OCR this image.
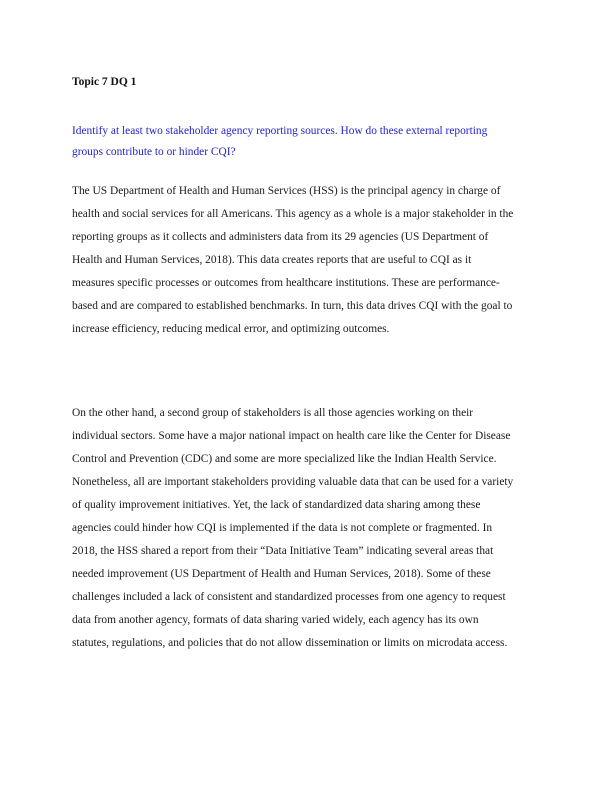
Topic 7 DQ 1

Identify at least two stakeholder agency reporting sources. How do these external reporting
groups contribute to or hinder CQI?

The US Department of Health and Human Services (HSS) is the principal agency in charge of
health and social services for all Americans. This agency as a whole is a major stakeholder in the
reporting groups as it collects and administers data from its 29 agencies (US Department of
Health and Human Services, 2018). This data creates reports that are useful to CQI as it
measures specific processes or outcomes from healthcare institutions. These are performance-
based and are compared to established benchmarks. In turn, this data drives CQI with the goal to
increase efficiency, reducing medical error, and optimizing outcomes.

On the other hand, a second group of stakeholders is all those agencies working on their
individual sectors. Some have a major national impact on health care like the Center for Disease
Control and Prevention (CDC) and some are more specialized like the Indian Health Service.
Nonetheless, all are important stakeholders providing valuable data that can be used for a variety
of quality improvement initiatives. Yet, the lack of standardized data sharing among these
agencies could hinder how CQI is implemented if the data is not complete or fragmented. In
2018, the HSS shared a report from their “Data Initiative Team” indicating several areas that
needed improvement (US Department of Health and Human Services, 2018). Some of these
challenges included a lack of consistent and standardized processes from one agency to request
data from another agency, formats of data sharing varied widely, each agency has its own
statutes, regulations, and policies that do not allow dissemination or limits on microdata access.
